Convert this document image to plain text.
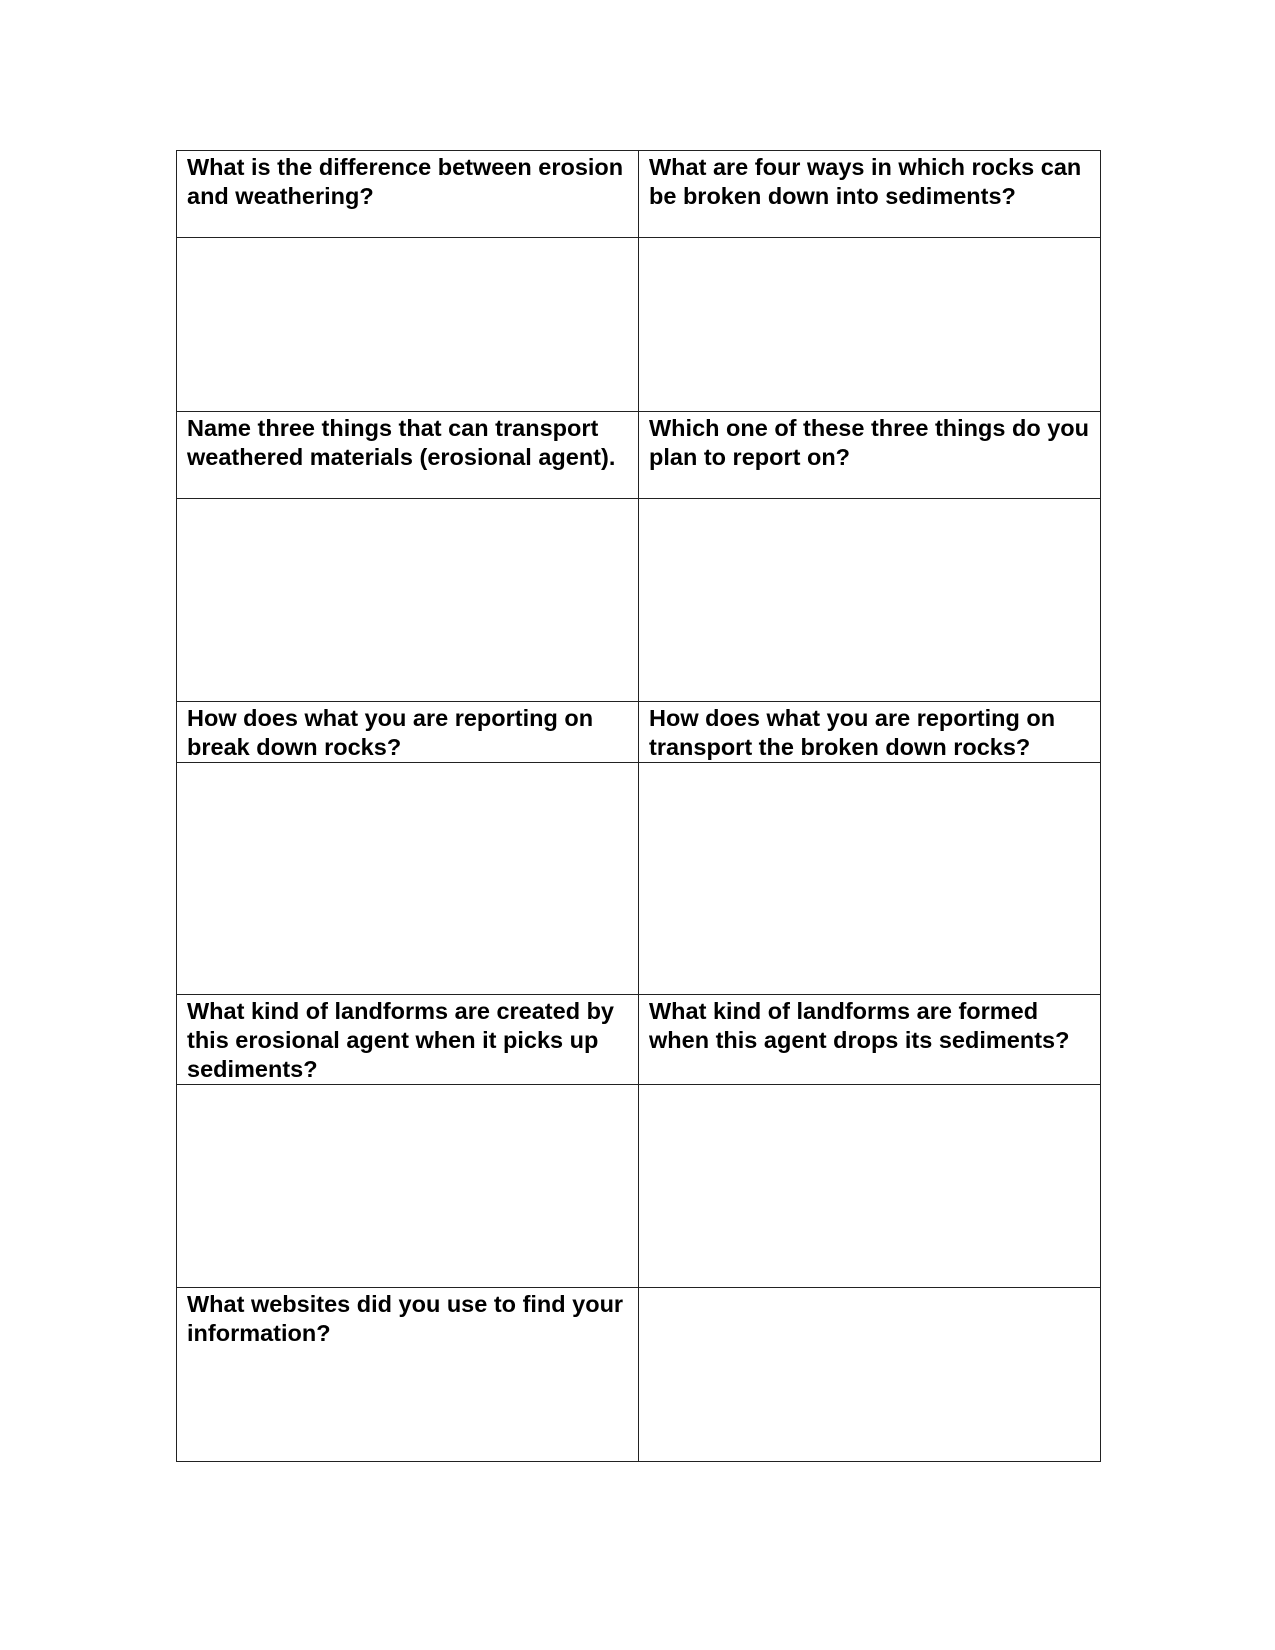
What is the difference between erosion and weathering?	What are four ways in which rocks can be broken down into sediments?

Name three things that can transport weathered materials (erosional agent).	Which one of these three things do you plan to report on?

How does what you are reporting on break down rocks?	How does what you are reporting on transport the broken down rocks?

What kind of landforms are created by this erosional agent when it picks up sediments?	What kind of landforms are formed when this agent drops its sediments?

What websites did you use to find your information?	
